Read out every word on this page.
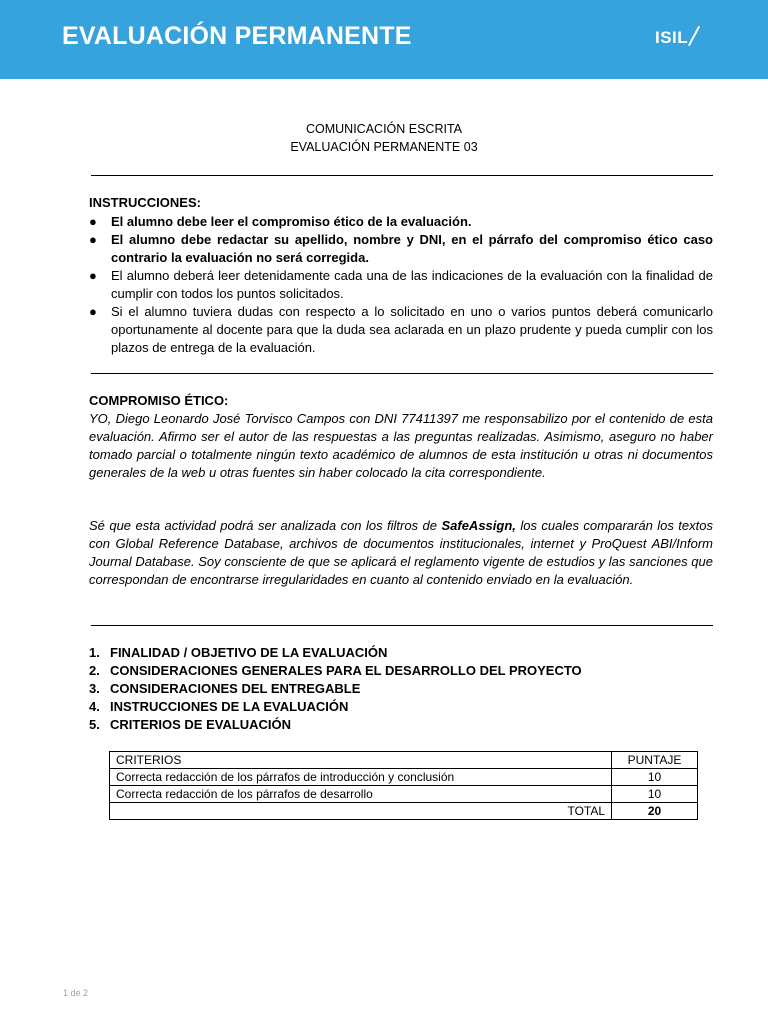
EVALUACIÓN PERMANENTE	ISIL
COMUNICACIÓN ESCRITA
EVALUACIÓN PERMANENTE 03
INSTRUCCIONES:
● El alumno debe leer el compromiso ético de la evaluación.
● El alumno debe redactar su apellido, nombre y DNI, en el párrafo del compromiso ético caso contrario la evaluación no será corregida.
● El alumno deberá leer detenidamente cada una de las indicaciones de la evaluación con la finalidad de cumplir con todos los puntos solicitados.
● Si el alumno tuviera dudas con respecto a lo solicitado en uno o varios puntos deberá comunicarlo oportunamente al docente para que la duda sea aclarada en un plazo prudente y pueda cumplir con los plazos de entrega de la evaluación.
COMPROMISO ÉTICO:
YO, Diego Leonardo José Torvisco Campos con DNI 77411397 me responsabilizo por el contenido de esta evaluación. Afirmo ser el autor de las respuestas a las preguntas realizadas. Asimismo, aseguro no haber tomado parcial o totalmente ningún texto académico de alumnos de esta institución u otras ni documentos generales de la web u otras fuentes sin haber colocado la cita correspondiente.
Sé que esta actividad podrá ser analizada con los filtros de SafeAssign, los cuales compararán los textos con Global Reference Database, archivos de documentos institucionales, internet y ProQuest ABI/Inform Journal Database. Soy consciente de que se aplicará el reglamento vigente de estudios y las sanciones que correspondan de encontrarse irregularidades en cuanto al contenido enviado en la evaluación.
1. FINALIDAD / OBJETIVO DE LA EVALUACIÓN
2. CONSIDERACIONES GENERALES PARA EL DESARROLLO DEL PROYECTO
3. CONSIDERACIONES DEL ENTREGABLE
4. INSTRUCCIONES DE LA EVALUACIÓN
5. CRITERIOS DE EVALUACIÓN
CRITERIOS	PUNTAJE
Correcta redacción de los párrafos de introducción y conclusión	10
Correcta redacción de los párrafos de desarrollo	10
TOTAL	20
1 de 2
